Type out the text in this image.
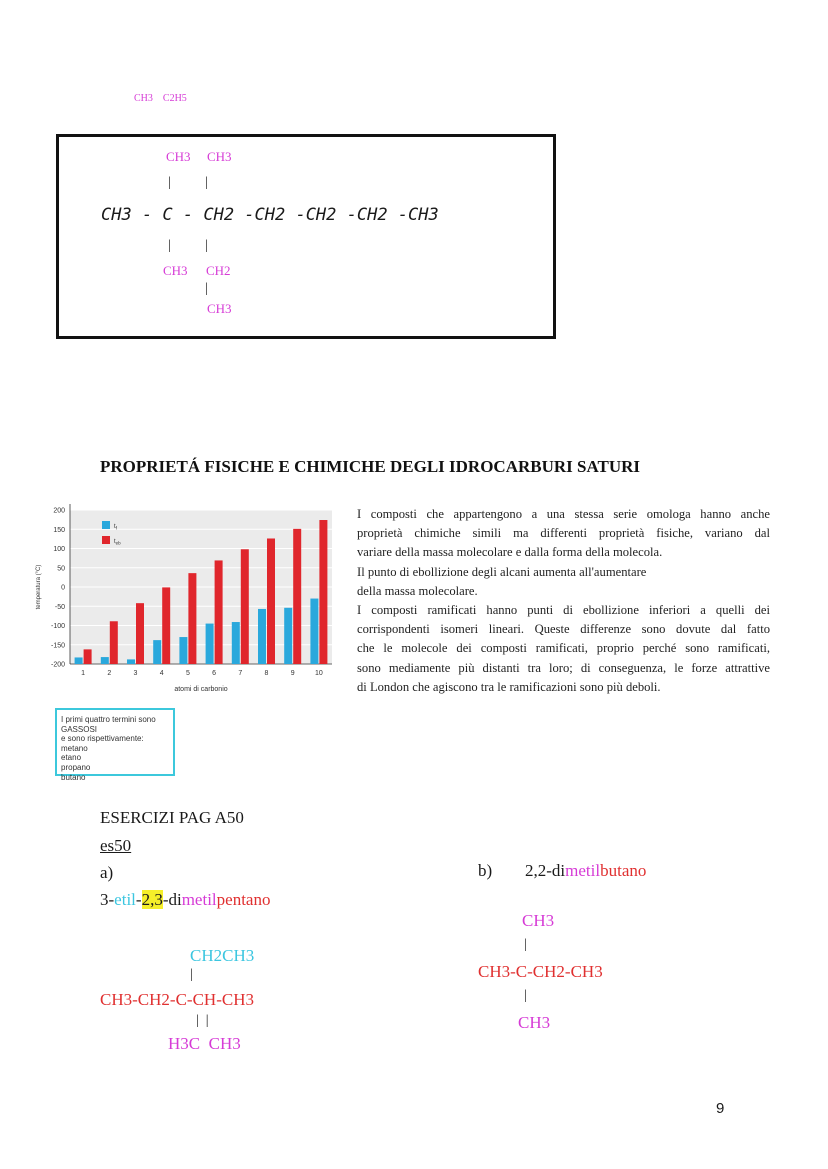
CH3 C2H5
CH3 CH3
| |
CH3 - C - CH2 -CH2 -CH2 -CH2 -CH3
| |
CH3 CH2
|
CH3
PROPRIETÁ FISICHE E CHIMICHE DEGLI IDROCARBURI SATURI
200
150
100
50
0
-50
-100
-150
-200
1	2	3	4	5	6	7	8	9	10
$t_f$
$t_{eb}$
atomi di carbonio
temperatura (°C)
I composti che appartengono a una stessa serie omologa hanno anche
proprietà chimiche simili ma differenti proprietà fisiche, variano dal
variare della massa molecolare e dalla forma della molecola.
Il punto di ebollizione degli alcani aumenta all'aumentare
della massa molecolare.
I composti ramificati hanno punti di ebollizione inferiori a quelli dei
corrispondenti isomeri lineari. Queste differenze sono dovute dal fatto
che le molecole dei composti ramificati, proprio perché sono ramificati,
sono mediamente più distanti tra loro; di conseguenza, le forze attrattive
di London che agiscono tra le ramificazioni sono più deboli.
I primi quattro termini sono GASSOSI
e sono rispettivamente:
metano
etano
propano
butano
ESERCIZI PAG A50
es50
a)
3-etil-2,3-dimetilpentano
CH2CH3
|
CH3-CH2-C-CH-CH3
|  |
H3C  CH3
b) 2,2-dimetilbutano
CH3
|
CH3-C-CH2-CH3
|
CH3
9
